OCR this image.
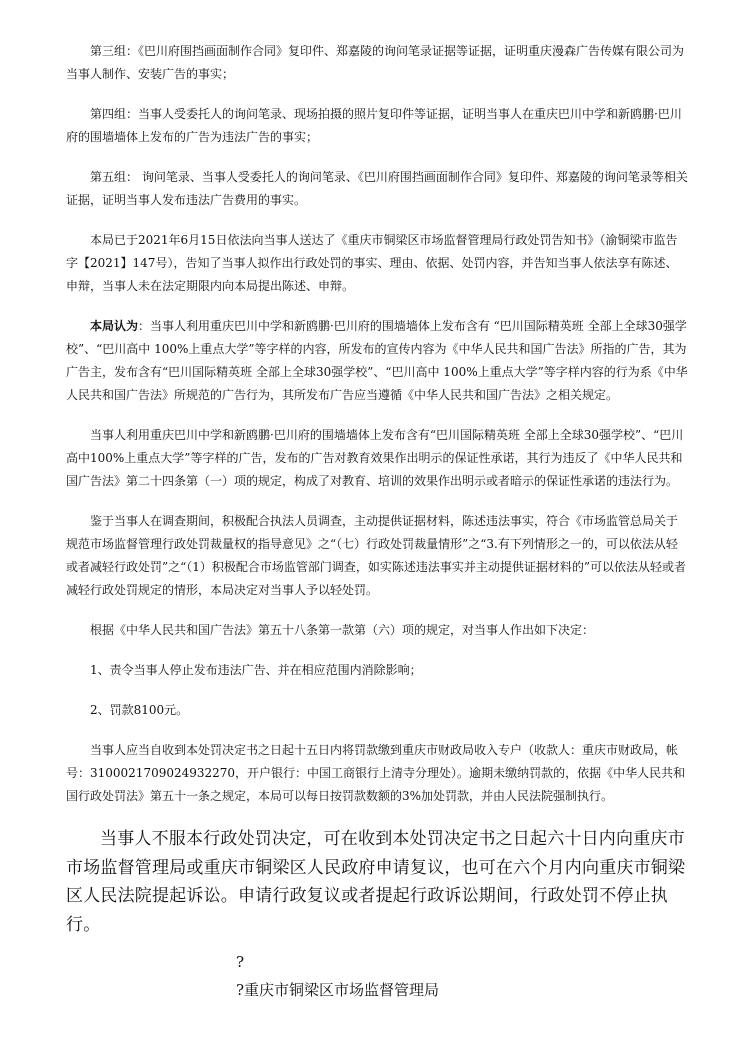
第三组：《巴川府围挡画面制作合同》复印件、郑嘉陵的询问笔录证据等证据，证明重庆漫森广告传媒有限公司为当事人制作、安装广告的事实；

第四组：当事人受委托人的询问笔录、现场拍摄的照片复印件等证据，证明当事人在重庆巴川中学和新鸥鹏·巴川府的围墙墙体上发布的广告为违法广告的事实；

第五组： 询问笔录、当事人受委托人的询问笔录、《巴川府围挡画面制作合同》复印件、郑嘉陵的询问笔录等相关证据，证明当事人发布违法广告费用的事实。

本局已于2021年6月15日依法向当事人送达了《重庆市铜梁区市场监督管理局行政处罚告知书》（渝铜梁市监告字【2021】147号），告知了当事人拟作出行政处罚的事实、理由、依据、处罚内容，并告知当事人依法享有陈述、申辩，当事人未在法定期限内向本局提出陈述、申辩。

本局认为：当事人利用重庆巴川中学和新鸥鹏·巴川府的围墙墙体上发布含有 “巴川国际精英班 全部上全球30强学校”、“巴川高中 100%上重点大学”等字样的内容，所发布的宣传内容为《中华人民共和国广告法》所指的广告，其为广告主，发布含有“巴川国际精英班 全部上全球30强学校”、“巴川高中 100%上重点大学”等字样内容的行为系《中华人民共和国广告法》所规范的广告行为，其所发布广告应当遵循《中华人民共和国广告法》之相关规定。

当事人利用重庆巴川中学和新鸥鹏·巴川府的围墙墙体上发布含有“巴川国际精英班 全部上全球30强学校”、“巴川高中100%上重点大学”等字样的广告，发布的广告对教育效果作出明示的保证性承诺，其行为违反了《中华人民共和国广告法》第二十四条第（一）项的规定，构成了对教育、培训的效果作出明示或者暗示的保证性承诺的违法行为。

鉴于当事人在调查期间，积极配合执法人员调查，主动提供证据材料，陈述违法事实，符合《市场监管总局关于规范市场监督管理行政处罚裁量权的指导意见》之“（七）行政处罚裁量情形”之“3.有下列情形之一的，可以依法从轻或者减轻行政处罚”之“（1）积极配合市场监管部门调查，如实陈述违法事实并主动提供证据材料的”可以依法从轻或者减轻行政处罚规定的情形，本局决定对当事人予以轻处罚。

根据《中华人民共和国广告法》第五十八条第一款第（六）项的规定，对当事人作出如下决定：

1、责令当事人停止发布违法广告、并在相应范围内消除影响；

2、罚款8100元。

当事人应当自收到本处罚决定书之日起十五日内将罚款缴到重庆市财政局收入专户（收款人：重庆市财政局，帐号：3100021709024932270，开户银行：中国工商银行上清寺分理处）。逾期未缴纳罚款的，依据《中华人民共和国行政处罚法》第五十一条之规定，本局可以每日按罚款数额的3%加处罚款，并由人民法院强制执行。

当事人不服本行政处罚决定，可在收到本处罚决定书之日起六十日内向重庆市市场监督管理局或重庆市铜梁区人民政府申请复议，也可在六个月内向重庆市铜梁区人民法院提起诉讼。申请行政复议或者提起行政诉讼期间，行政处罚不停止执行。

?
?重庆市铜梁区市场监督管理局
